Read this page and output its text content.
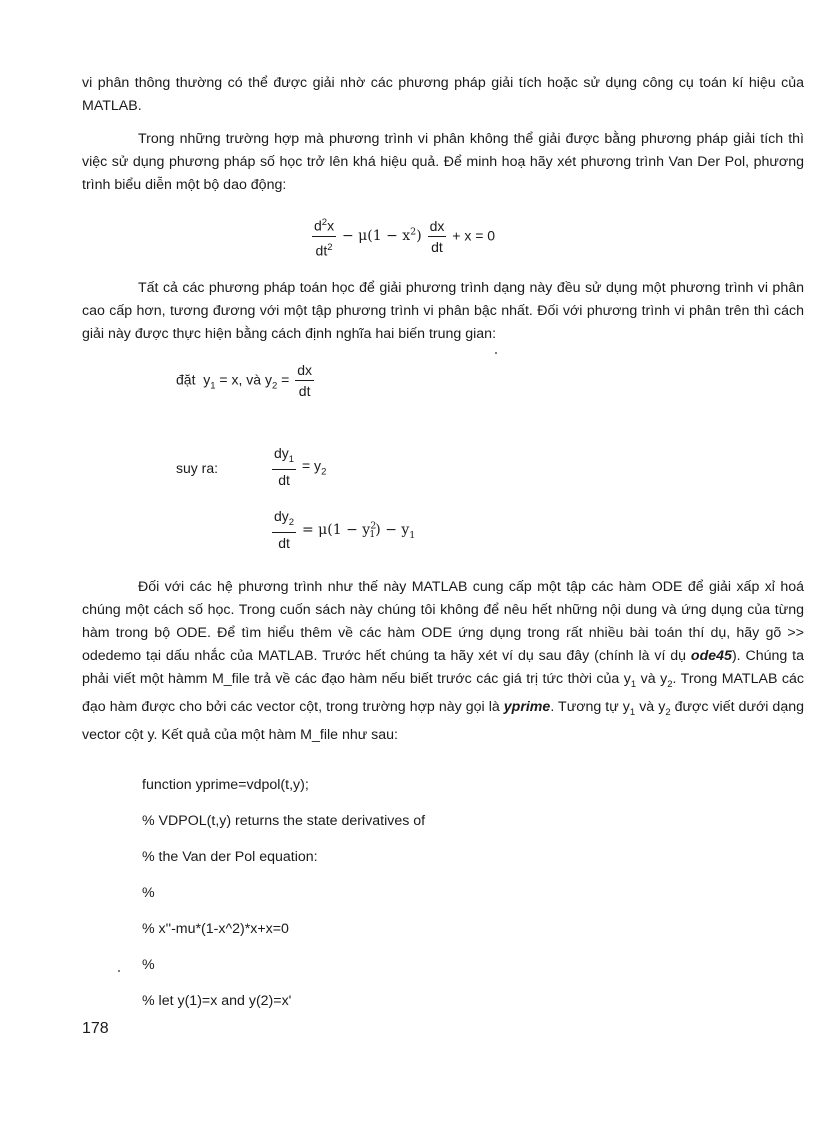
vi phân thông thường có thể được giải nhờ các phương pháp giải tích hoặc sử dụng công cụ toán kí hiệu của MATLAB.

Trong những trường hợp mà phương trình vi phân không thể giải được bằng phương pháp giải tích thì việc sử dụng phương pháp số học trở lên khá hiệu quả. Để minh hoạ hãy xét phương trình Van Der Pol, phương trình biểu diễn một bộ dao động:

$\frac{d^2x}{dt^2} - \mu(1 - x^2) \frac{dx}{dt} + x = 0$

Tất cả các phương pháp toán học để giải phương trình dạng này đều sử dụng một phương trình vi phân cao cấp hơn, tương đương với một tập phương trình vi phân bậc nhất. Đối với phương trình vi phân trên thì cách giải này được thực hiện bằng cách định nghĩa hai biến trung gian:

đặt $y_1 = x$, và $y_2 = \frac{dx}{dt}$
suy ra:	$\frac{dy_1}{dt} = y_2$
$\frac{dy_2}{dt} = \mu(1 - y^2_1) - y_1$

Đối với các hệ phương trình như thế này MATLAB cung cấp một tập các hàm ODE để giải xấp xỉ hoá chúng một cách số học. Trong cuốn sách này chúng tôi không để nêu hết những nội dung và ứng dụng của từng hàm trong bộ ODE. Để tìm hiểu thêm về các hàm ODE ứng dụng trong rất nhiều bài toán thí dụ, hãy gõ >> odedemo tại dấu nhắc của MATLAB. Trước hết chúng ta hãy xét ví dụ sau đây (chính là ví dụ ode45). Chúng ta phải viết một hàmm M_file trả về các đạo hàm nếu biết trước các giá trị tức thời của $y_1$ và $y_2$. Trong MATLAB các đạo hàm được cho bởi các vector cột, trong trường hợp này gọi là yprime. Tương tự $y_1$ và $y_2$ được viết dưới dạng vector cột y. Kết quả của một hàm M_file như sau:

function yprime=vdpol(t,y);
% VDPOL(t,y) returns the state derivatives of
% the Van der Pol equation:
%
% x''-mu*(1-x^2)*x+x=0
%
% let y(1)=x and y(2)=x'
178
